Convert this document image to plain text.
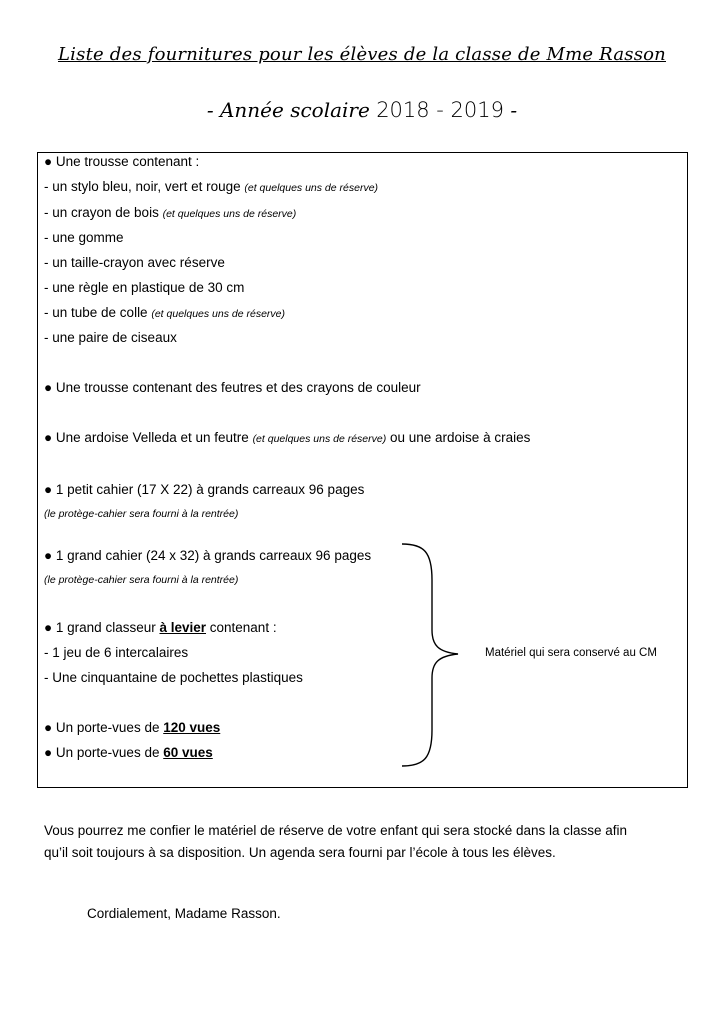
Liste des fournitures pour les élèves de la classe de Mme Rasson
- Année scolaire 2018 - 2019 -
● Une trousse contenant :
- un stylo bleu, noir, vert et rouge (et quelques uns de réserve)
- un crayon de bois (et quelques uns de réserve)
- une gomme
- un taille-crayon avec réserve
- une règle en plastique de 30 cm
- un tube de colle (et quelques uns de réserve)
- une paire de ciseaux
● Une trousse contenant des feutres et des crayons de couleur
● Une ardoise Velleda et un feutre (et quelques uns de réserve) ou une ardoise à craies
● 1 petit cahier (17 X 22) à grands carreaux 96 pages
(le protège-cahier sera fourni à la rentrée)
● 1 grand cahier (24 x 32) à grands carreaux 96 pages
(le protège-cahier sera fourni à la rentrée)
● 1 grand classeur à levier contenant :
- 1 jeu de 6 intercalaires
- Une cinquantaine de pochettes plastiques
● Un porte-vues de 120 vues
● Un porte-vues de 60 vues
Matériel qui sera conservé au CM
Vous pourrez me confier le matériel de réserve de votre enfant qui sera stocké dans la classe afin
qu’il soit toujours à sa disposition. Un agenda sera fourni par l’école à tous les élèves.
Cordialement, Madame Rasson.
